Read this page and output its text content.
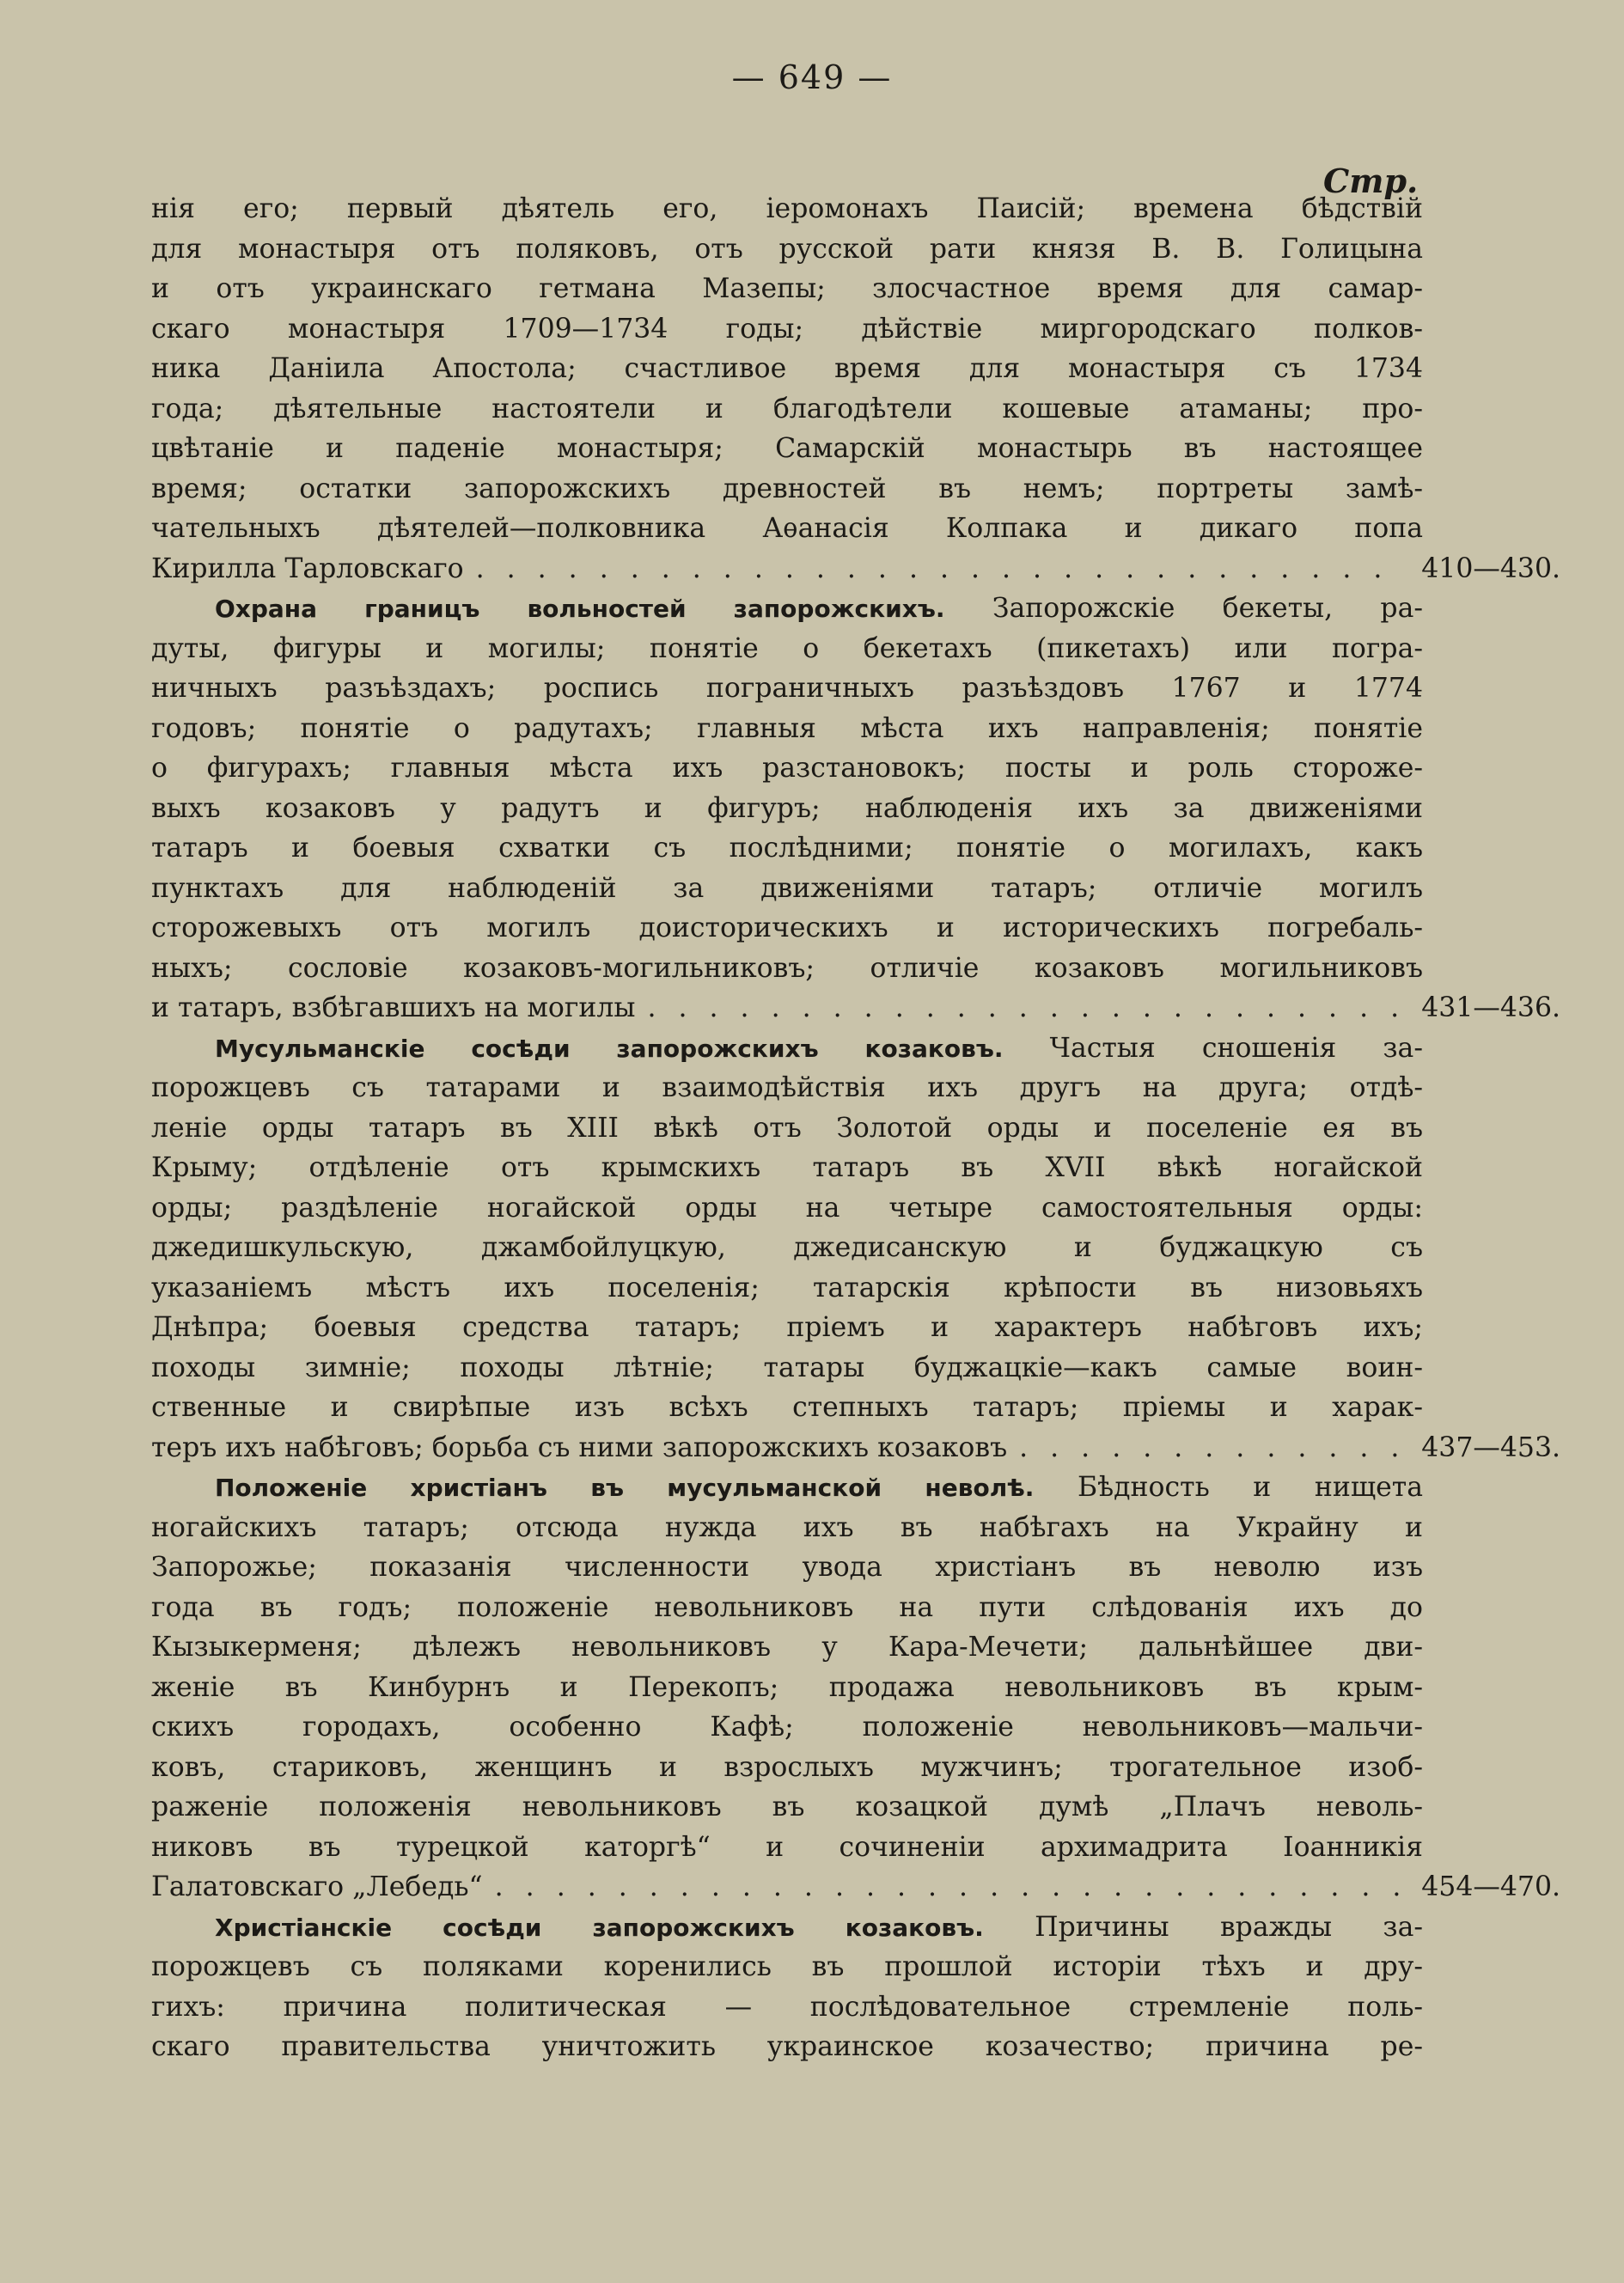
— 649 —
Стр.
нія его; первый дѣятель его, іеромонахъ Паисій; времена бѣдствій
для монастыря отъ поляковъ, отъ русской рати князя В. В. Голицына
и отъ украинскаго гетмана Мазепы; злосчастное время для самар-
скаго монастыря 1709—1734 годы; дѣйствіе миргородскаго полков-
ника Данiила Апостола; счастливое время для монастыря съ 1734
года; дѣятельные настоятели и благодѣтели кошевые атаманы; про-
цвѣтаніе и паденіе монастыря; Самарскій монастырь въ настоящее
время; остатки запорожскихъ древностей въ немъ; портреты замѣ-
чательныхъ дѣятелей—полковника Аѳанасія Колпака и дикаго попа
Кирилла Тарловскаго . . .	410—430.
Охрана границъ вольностей запорожскихъ. Запорожскіе бекеты, ра-
дуты, фигуры и могилы; понятіе о бекетахъ (пикетахъ) или погра-
ничныхъ разъѣздахъ; роспись пограничныхъ разъѣздовъ 1767 и 1774
годовъ; понятіе о радутахъ; главныя мѣста ихъ направленія; понятіе
о фигурахъ; главныя мѣста ихъ разстановокъ; посты и роль стороже-
выхъ козаковъ у радутъ и фигуръ; наблюденія ихъ за движеніями
татаръ и боевыя схватки съ послѣдними; понятіе о могилахъ, какъ
пунктахъ для наблюденій за движеніями татаръ; отличіе могилъ
сторожевыхъ отъ могилъ доисторическихъ и историческихъ погребаль-
ныхъ; сословіе козаковъ-могильниковъ; отличіе козаковъ могильниковъ
и татаръ, взбѣгавшихъ на могилы . . .	431—436.
Мусульманскіе сосѣди запорожскихъ козаковъ. Частыя сношенія за-
порожцевъ съ татарами и взаимодѣйствія ихъ другъ на друга; отдѣ-
леніе орды татаръ въ XIII вѣкѣ отъ Золотой орды и поселеніе ея въ
Крыму; отдѣленіе отъ крымскихъ татаръ въ XVII вѣкѣ ногайской
орды; раздѣленіе ногайской орды на четыре самостоятельныя орды:
джедишкульскую, джамбойлуцкую, джедисанскую и буджацкую съ
указаніемъ мѣстъ ихъ поселенія; татарскія крѣпости въ низовьяхъ
Днѣпра; боевыя средства татаръ; пріемъ и характеръ набѣговъ ихъ;
походы зимніе; походы лѣтніе; татары буджацкіе—какъ самые воин-
ственные и свирѣпые изъ всѣхъ степныхъ татаръ; пріемы и харак-
теръ ихъ набѣговъ; борьба съ ними запорожскихъ козаковъ . . .	437—453.
Положеніе христіанъ въ мусульманской неволѣ. Бѣдность и нищета
ногайскихъ татаръ; отсюда нужда ихъ въ набѣгахъ на Украйну и
Запорожье; показанія численности увода христіанъ въ неволю изъ
года въ годъ; положеніе невольниковъ на пути слѣдованія ихъ до
Кызыкерменя; дѣлежъ невольниковъ у Кара-Мечети; дальнѣйшее дви-
женіе въ Кинбурнъ и Перекопъ; продажа невольниковъ въ крым-
скихъ городахъ, особенно Кафѣ; положеніе невольниковъ—мальчи-
ковъ, стариковъ, женщинъ и взрослыхъ мужчинъ; трогательное изоб-
раженіе положенія невольниковъ въ козацкой думѣ „Плачъ неволь-
никовъ въ турецкой каторгѣ“ и сочиненіи архимадрита Іоанникія
Галатовскаго „Лебедь“ . . .	454—470.
Христіанскіе сосѣди запорожскихъ козаковъ. Причины вражды за-
порожцевъ съ поляками коренились въ прошлой исторіи тѣхъ и дру-
гихъ: причина политическая — послѣдовательное стремленіе поль-
скаго правительства уничтожить украинское козачество; причина ре-
